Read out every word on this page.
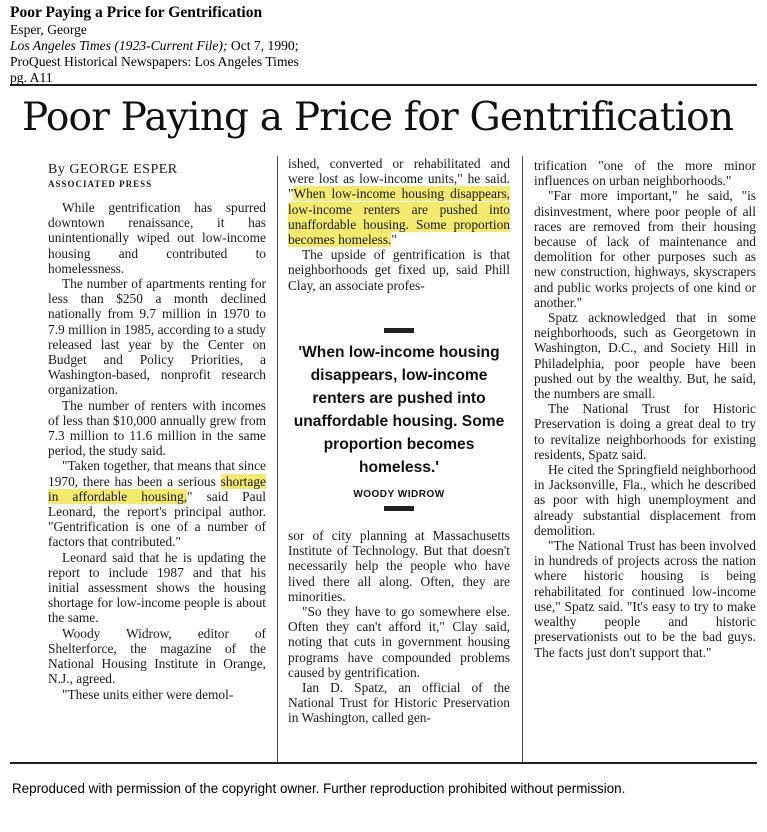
Poor Paying a Price for Gentrification
Esper, George
Los Angeles Times (1923-Current File); Oct 7, 1990;
ProQuest Historical Newspapers: Los Angeles Times
pg. A11
Poor Paying a Price for Gentrification
By GEORGE ESPER
ASSOCIATED PRESS

While gentrification has spurred downtown renaissance, it has unintentionally wiped out low-income housing and contributed to homelessness.

The number of apartments renting for less than $250 a month declined nationally from 9.7 million in 1970 to 7.9 million in 1985, according to a study released last year by the Center on Budget and Policy Priorities, a Washington-based, nonprofit research organization.

The number of renters with incomes of less than $10,000 annually grew from 7.3 million to 11.6 million in the same period, the study said.

"Taken together, that means that since 1970, there has been a serious shortage in affordable housing," said Paul Leonard, the report's principal author. "Gentrification is one of a number of factors that contributed."

Leonard said that he is updating the report to include 1987 and that his initial assessment shows the housing shortage for low-income people is about the same.

Woody Widrow, editor of Shelterforce, the magazine of the National Housing Institute in Orange, N.J., agreed.

"These units either were demol-

ished, converted or rehabilitated and were lost as low-income units," he said. "When low-income housing disappears, low-income renters are pushed into unaffordable housing. Some proportion becomes homeless."

The upside of gentrification is that neighborhoods get fixed up, said Phill Clay, an associate profes-

'When low-income housing disappears, low-income renters are pushed into unaffordable housing. Some proportion becomes homeless.'
WOODY WIDROW

sor of city planning at Massachusetts Institute of Technology. But that doesn't necessarily help the people who have lived there all along. Often, they are minorities.

"So they have to go somewhere else. Often they can't afford it," Clay said, noting that cuts in government housing programs have compounded problems caused by gentrification.

Ian D. Spatz, an official of the National Trust for Historic Preservation in Washington, called gen-

trification "one of the more minor influences on urban neighborhoods."

"Far more important," he said, "is disinvestment, where poor people of all races are removed from their housing because of lack of maintenance and demolition for other purposes such as new construction, highways, skyscrapers and public works projects of one kind or another."

Spatz acknowledged that in some neighborhoods, such as Georgetown in Washington, D.C., and Society Hill in Philadelphia, poor people have been pushed out by the wealthy. But, he said, the numbers are small.

The National Trust for Historic Preservation is doing a great deal to try to revitalize neighborhoods for existing residents, Spatz said.

He cited the Springfield neighborhood in Jacksonville, Fla., which he described as poor with high unemployment and already substantial displacement from demolition.

"The National Trust has been involved in hundreds of projects across the nation where historic housing is being rehabilitated for continued low-income use," Spatz said. "It's easy to try to make wealthy people and historic preservationists out to be the bad guys. The facts just don't support that."

Reproduced with permission of the copyright owner. Further reproduction prohibited without permission.
